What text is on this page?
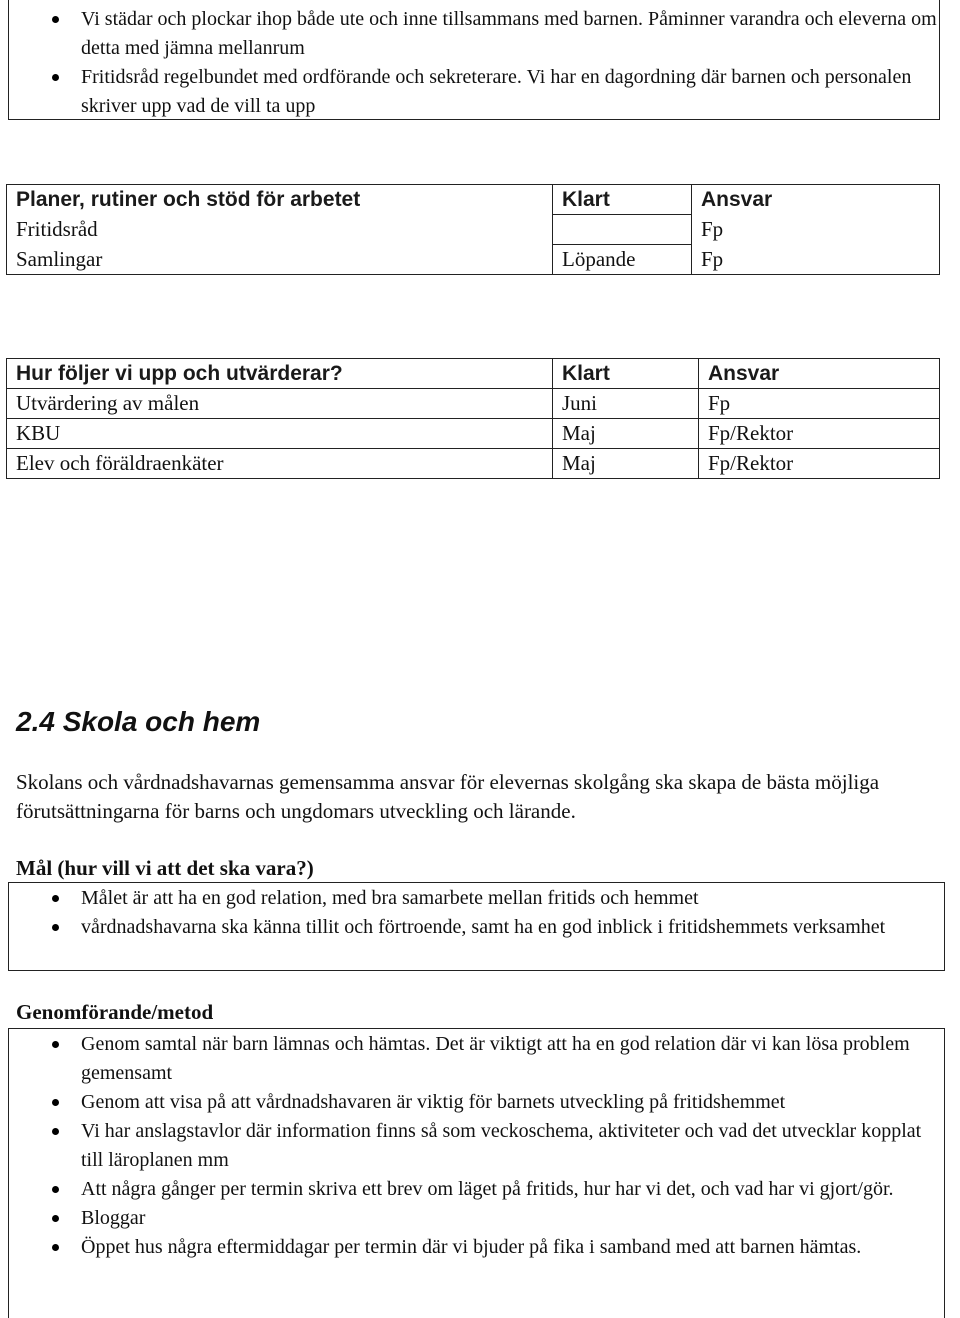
Vi städar och plockar ihop både ute och inne tillsammans med barnen. Påminner varandra och eleverna om detta med jämna mellanrum
Fritidsråd regelbundet med ordförande och sekreterare. Vi har en dagordning där barnen och personalen skriver upp vad de vill ta upp
Planer, rutiner och stöd för arbetet	Klart	Ansvar
Fritidsråd		Fp
Samlingar	Löpande	Fp
Hur följer vi upp och utvärderar?	Klart	Ansvar
Utvärdering av målen	Juni	Fp
KBU	Maj	Fp/Rektor
Elev och föräldraenkäter	Maj	Fp/Rektor
2.4 Skola och hem
Skolans och vårdnadshavarnas gemensamma ansvar för elevernas skolgång ska skapa de bästa möjliga förutsättningarna för barns och ungdomars utveckling och lärande.
Mål (hur vill vi att det ska vara?)
Målet är att ha en god relation, med bra samarbete mellan fritids och hemmet
vårdnadshavarna ska känna tillit och förtroende, samt ha en god inblick i fritidshemmets verksamhet
Genomförande/metod
Genom samtal när barn lämnas och hämtas. Det är viktigt att ha en god relation där vi kan lösa problem gemensamt
Genom att visa på att vårdnadshavaren är viktig för barnets utveckling på fritidshemmet
Vi har anslagstavlor där information finns så som veckoschema, aktiviteter och vad det utvecklar kopplat till läroplanen mm
Att några gånger per termin skriva ett brev om läget på fritids, hur har vi det, och vad har vi gjort/gör.
Bloggar
Öppet hus några eftermiddagar per termin där vi bjuder på fika i samband med att barnen hämtas.
